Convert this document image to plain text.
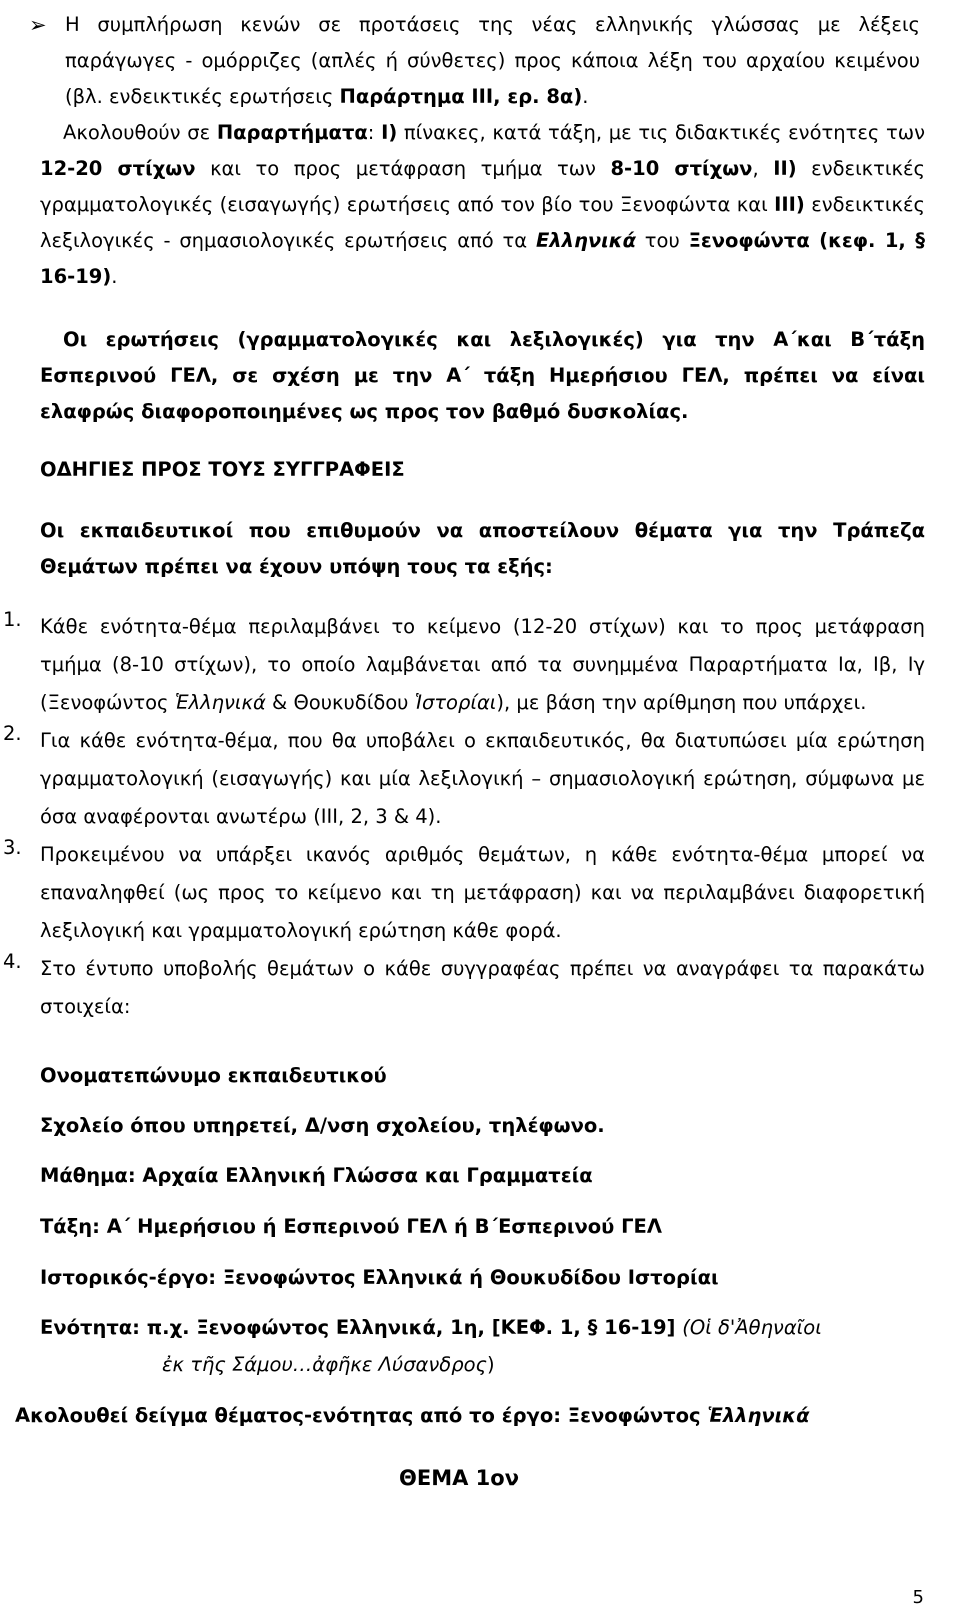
➢ Η συμπλήρωση κενών σε προτάσεις της νέας ελληνικής γλώσσας με λέξεις παράγωγες - ομόρριζες (απλές ή σύνθετες) προς κάποια λέξη του αρχαίου κειμένου (βλ. ενδεικτικές ερωτήσεις Παράρτημα ΙΙΙ, ερ. 8α).

Ακολουθούν σε Παραρτήματα: Ι) πίνακες, κατά τάξη, με τις διδακτικές ενότητες των 12-20 στίχων και το προς μετάφραση τμήμα των 8-10 στίχων, ΙΙ) ενδεικτικές γραμματολογικές (εισαγωγής) ερωτήσεις από τον βίο του Ξενοφώντα και ΙΙΙ) ενδεικτικές λεξιλογικές - σημασιολογικές ερωτήσεις από τα Ελληνικά του Ξενοφώντα (κεφ. 1, § 16-19).

Οι ερωτήσεις (γραμματολογικές και λεξιλογικές) για την Α΄και Β΄τάξη Εσπερινού ΓΕΛ, σε σχέση με την Α΄ τάξη Ημερήσιου ΓΕΛ, πρέπει να είναι ελαφρώς διαφοροποιημένες ως προς τον βαθμό δυσκολίας.

ΟΔΗΓΙΕΣ ΠΡΟΣ ΤΟΥΣ ΣΥΓΓΡΑΦΕΙΣ

Οι εκπαιδευτικοί που επιθυμούν να αποστείλουν θέματα για την Τράπεζα Θεμάτων πρέπει να έχουν υπόψη τους τα εξής:

1. Κάθε ενότητα-θέμα περιλαμβάνει το κείμενο (12-20 στίχων) και το προς μετάφραση τμήμα (8-10 στίχων), το οποίο λαμβάνεται από τα συνημμένα Παραρτήματα Ια, Ιβ, Ιγ (Ξενοφώντος Ἑλληνικά & Θουκυδίδου Ἱστορίαι), με βάση την αρίθμηση που υπάρχει.

2. Για κάθε ενότητα-θέμα, που θα υποβάλει ο εκπαιδευτικός, θα διατυπώσει μία ερώτηση γραμματολογική (εισαγωγής) και μία λεξιλογική – σημασιολογική ερώτηση, σύμφωνα με όσα αναφέρονται ανωτέρω (ΙΙΙ, 2, 3 & 4).

3. Προκειμένου να υπάρξει ικανός αριθμός θεμάτων, η κάθε ενότητα-θέμα μπορεί να επαναληφθεί (ως προς το κείμενο και τη μετάφραση) και να περιλαμβάνει διαφορετική λεξιλογική και γραμματολογική ερώτηση κάθε φορά.

4. Στο έντυπο υποβολής θεμάτων ο κάθε συγγραφέας πρέπει να αναγράφει τα παρακάτω στοιχεία:

Ονοματεπώνυμο εκπαιδευτικού

Σχολείο όπου υπηρετεί, Δ/νση σχολείου, τηλέφωνο.

Μάθημα: Αρχαία Ελληνική Γλώσσα και Γραμματεία

Τάξη: Α΄ Ημερήσιου ή Εσπερινού ΓΕΛ ή Β΄Εσπερινού ΓΕΛ

Ιστορικός-έργο: Ξενοφώντος Ελληνικά ή Θουκυδίδου Ιστορίαι

Ενότητα: π.χ. Ξενοφώντος Ελληνικά, 1η, [ΚΕΦ. 1, § 16-19] (Οἱ δ'Ἀθηναῖοι

ἐκ τῆς Σάμου…ἀφῆκε Λύσανδρος)

Ακολουθεί δείγμα θέματος-ενότητας από το έργο: Ξενοφώντος Ἑλληνικά

ΘΕΜΑ 1ον

5
